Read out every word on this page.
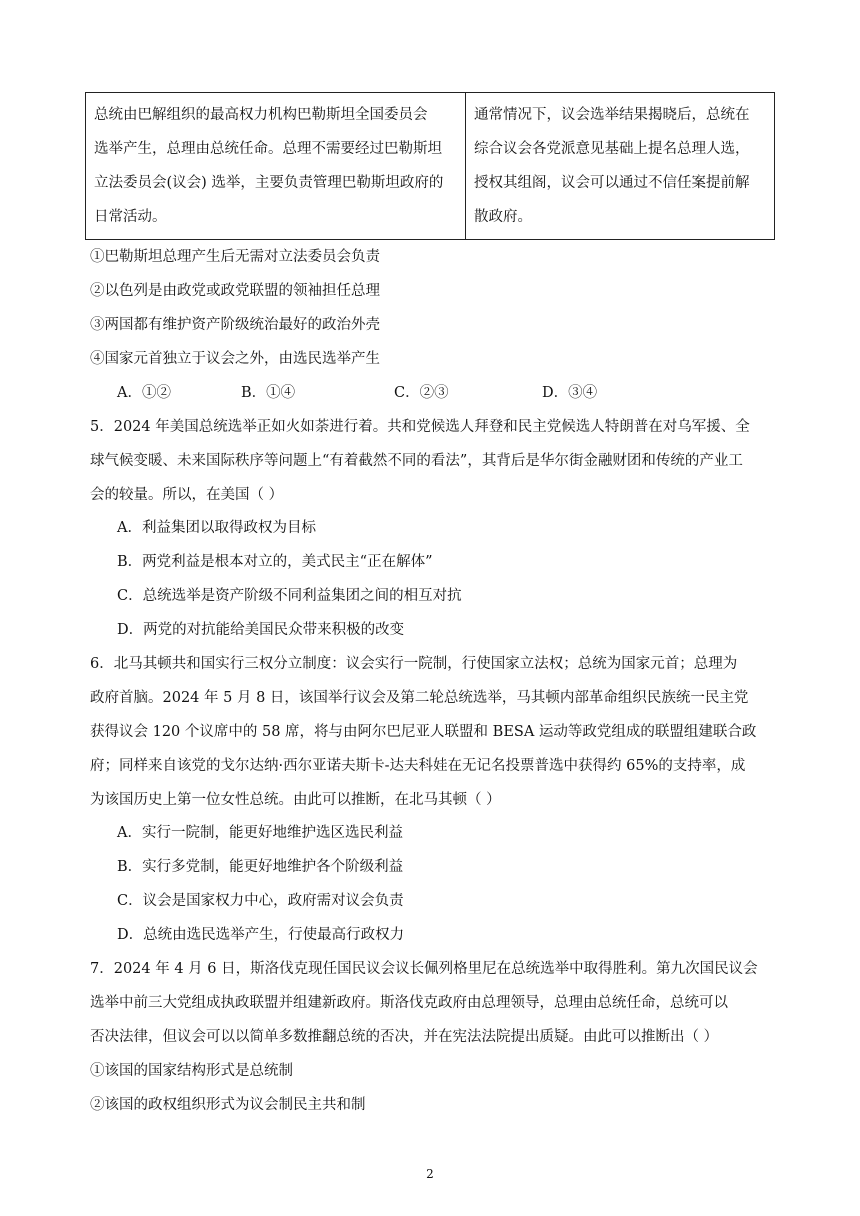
总统由巴解组织的最高权力机构巴勒斯坦全国委员会
选举产生，总理由总统任命。总理不需要经过巴勒斯坦
立法委员会(议会) 选举，主要负责管理巴勒斯坦政府的
日常活动。
通常情况下，议会选举结果揭晓后，总统在
综合议会各党派意见基础上提名总理人选，
授权其组阁，议会可以通过不信任案提前解
散政府。
①巴勒斯坦总理产生后无需对立法委员会负责
②以色列是由政党或政党联盟的领袖担任总理
③两国都有维护资产阶级统治最好的政治外壳
④国家元首独立于议会之外，由选民选举产生
A．①②	B．①④	C．②③	D．③④
5．2024 年美国总统选举正如火如荼进行着。共和党候选人拜登和民主党候选人特朗普在对乌军援、全
球气候变暖、未来国际秩序等问题上“有着截然不同的看法”，其背后是华尔街金融财团和传统的产业工
会的较量。所以，在美国（ ）
A．利益集团以取得政权为目标
B．两党利益是根本对立的，美式民主“正在解体”
C．总统选举是资产阶级不同利益集团之间的相互对抗
D．两党的对抗能给美国民众带来积极的改变
6．北马其顿共和国实行三权分立制度：议会实行一院制，行使国家立法权；总统为国家元首；总理为
政府首脑。2024 年 5 月 8 日，该国举行议会及第二轮总统选举，马其顿内部革命组织民族统一民主党
获得议会 120 个议席中的 58 席，将与由阿尔巴尼亚人联盟和 BESA 运动等政党组成的联盟组建联合政
府；同样来自该党的戈尔达纳·西尔亚诺夫斯卡-达夫科娃在无记名投票普选中获得约 65%的支持率，成
为该国历史上第一位女性总统。由此可以推断，在北马其顿（ ）
A．实行一院制，能更好地维护选区选民利益
B．实行多党制，能更好地维护各个阶级利益
C．议会是国家权力中心，政府需对议会负责
D．总统由选民选举产生，行使最高行政权力
7．2024 年 4 月 6 日，斯洛伐克现任国民议会议长佩列格里尼在总统选举中取得胜利。第九次国民议会
选举中前三大党组成执政联盟并组建新政府。斯洛伐克政府由总理领导，总理由总统任命，总统可以
否决法律，但议会可以以简单多数推翻总统的否决，并在宪法法院提出质疑。由此可以推断出（ ）
①该国的国家结构形式是总统制
②该国的政权组织形式为议会制民主共和制
2
